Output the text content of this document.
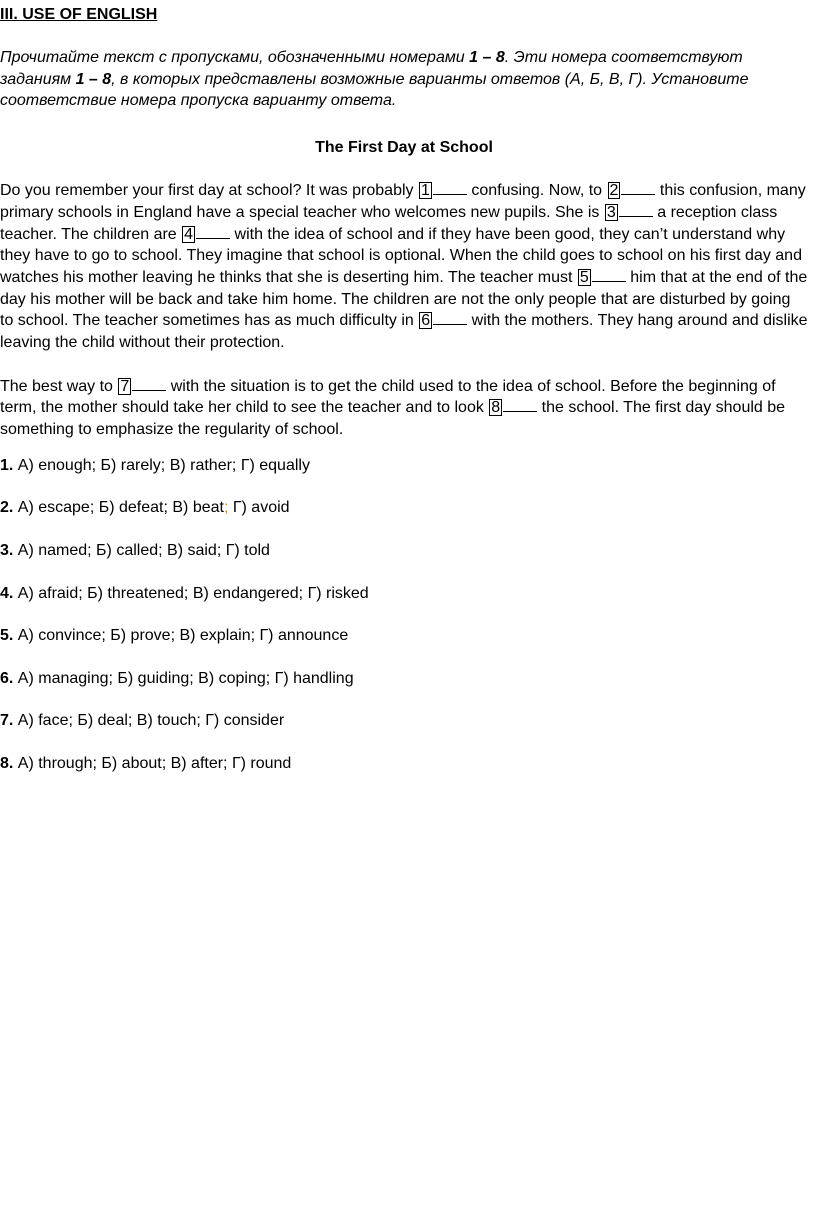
III. USE OF ENGLISH

Прочитайте текст с пропусками, обозначенными номерами 1 – 8. Эти номера соответствуют заданиям 1 – 8, в которых представлены возможные варианты ответов (А, Б, В, Г). Установите соответствие номера пропуска варианту ответа.

The First Day at School

Do you remember your first day at school? It was probably 1 confusing. Now, to 2 this confusion, many primary schools in England have a special teacher who welcomes new pupils. She is 3 a reception class teacher. The children are 4 with the idea of school and if they have been good, they can’t understand why they have to go to school. They imagine that school is optional. When the child goes to school on his first day and watches his mother leaving he thinks that she is deserting him. The teacher must 5 him that at the end of the day his mother will be back and take him home. The children are not the only people that are disturbed by going to school. The teacher sometimes has as much difficulty in 6 with the mothers. They hang around and dislike leaving the child without their protection.

The best way to 7 with the situation is to get the child used to the idea of school. Before the beginning of term, the mother should take her child to see the teacher and to look 8 the school. The first day should be something to emphasize the regularity of school.

1. А) enough; Б) rarely; В) rather; Г) equally

2. А) escape; Б) defeat; В) beat; Г) avoid

3. А) named; Б) called; В) said; Г) told

4. А) afraid; Б) threatened; В) endangered; Г) risked

5. А) convince; Б) prove; В) explain; Г) announce

6. А) managing; Б) guiding; В) coping; Г) handling

7. А) face; Б) deal; В) touch; Г) consider

8. А) through; Б) about; В) after; Г) round
